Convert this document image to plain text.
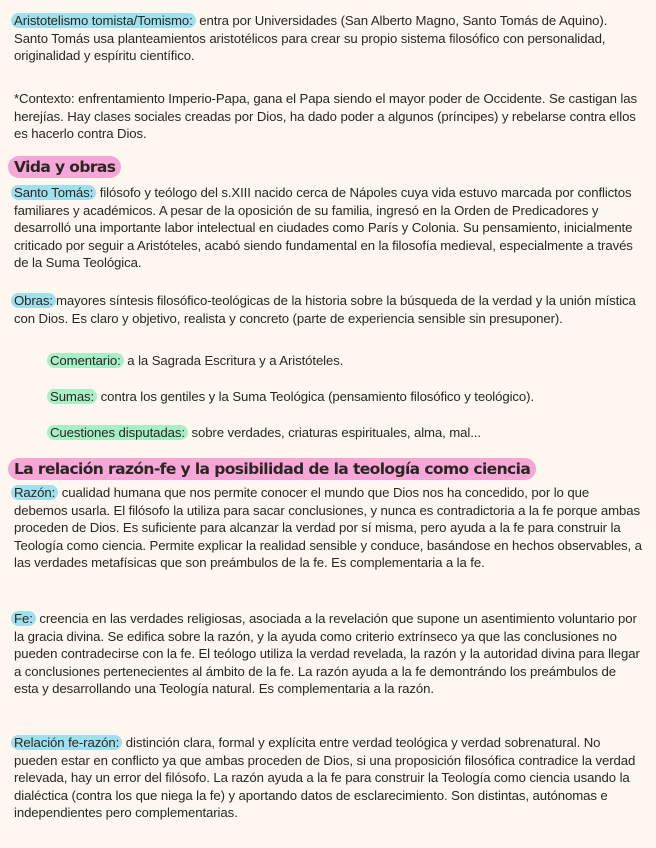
Aristotelismo tomista/Tomismo: entra por Universidades (San Alberto Magno, Santo Tomás de Aquino). Santo Tomás usa planteamientos aristotélicos para crear su propio sistema filosófico con personalidad, originalidad y espíritu científico.

*Contexto: enfrentamiento Imperio-Papa, gana el Papa siendo el mayor poder de Occidente. Se castigan las herejías. Hay clases sociales creadas por Dios, ha dado poder a algunos (príncipes) y rebelarse contra ellos es hacerlo contra Dios.

Vida y obras

Santo Tomás: filósofo y teólogo del s.XIII nacido cerca de Nápoles cuya vida estuvo marcada por conflictos familiares y académicos. A pesar de la oposición de su familia, ingresó en la Orden de Predicadores y desarrolló una importante labor intelectual en ciudades como París y Colonia. Su pensamiento, inicialmente criticado por seguir a Aristóteles, acabó siendo fundamental en la filosofía medieval, especialmente a través de la Suma Teológica.

Obras: mayores síntesis filosófico-teológicas de la historia sobre la búsqueda de la verdad y la unión mística con Dios. Es claro y objetivo, realista y concreto (parte de experiencia sensible sin presuponer).

Comentario: a la Sagrada Escritura y a Aristóteles.

Sumas: contra los gentiles y la Suma Teológica (pensamiento filosófico y teológico).

Cuestiones disputadas: sobre verdades, criaturas espirituales, alma, mal...

La relación razón-fe y la posibilidad de la teología como ciencia

Razón: cualidad humana que nos permite conocer el mundo que Dios nos ha concedido, por lo que debemos usarla. El filósofo la utiliza para sacar conclusiones, y nunca es contradictoria a la fe porque ambas proceden de Dios. Es suficiente para alcanzar la verdad por sí misma, pero ayuda a la fe para construir la Teología como ciencia. Permite explicar la realidad sensible y conduce, basándose en hechos observables, a las verdades metafísicas que son preámbulos de la fe. Es complementaria a la fe.

Fe: creencia en las verdades religiosas, asociada a la revelación que supone un asentimiento voluntario por la gracia divina. Se edifica sobre la razón, y la ayuda como criterio extrínseco ya que las conclusiones no pueden contradecirse con la fe. El teólogo utiliza la verdad revelada, la razón y la autoridad divina para llegar a conclusiones pertenecientes al ámbito de la fe. La razón ayuda a la fe demontrándo los preámbulos de esta y desarrollando una Teología natural. Es complementaria a la razón.

Relación fe-razón: distinción clara, formal y explícita entre verdad teológica y verdad sobrenatural. No pueden estar en conflicto ya que ambas proceden de Dios, si una proposición filosófica contradice la verdad relevada, hay un error del filósofo. La razón ayuda a la fe para construir la Teología como ciencia usando la dialéctica (contra los que niega la fe) y aportando datos de esclarecimiento. Son distintas, autónomas e independientes pero complementarias.
